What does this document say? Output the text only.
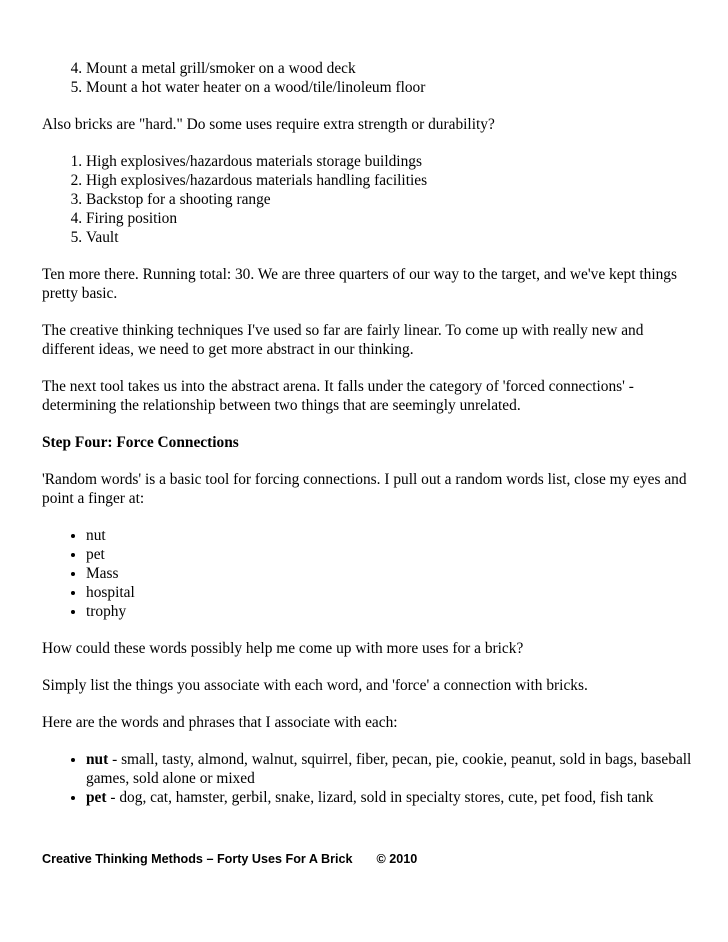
4. Mount a metal grill/smoker on a wood deck
5. Mount a hot water heater on a wood/tile/linoleum floor

Also bricks are "hard." Do some uses require extra strength or durability?

1. High explosives/hazardous materials storage buildings
2. High explosives/hazardous materials handling facilities
3. Backstop for a shooting range
4. Firing position
5. Vault

Ten more there. Running total: 30. We are three quarters of our way to the target, and we've kept things pretty basic.

The creative thinking techniques I've used so far are fairly linear. To come up with really new and different ideas, we need to get more abstract in our thinking.

The next tool takes us into the abstract arena. It falls under the category of 'forced connections' - determining the relationship between two things that are seemingly unrelated.

Step Four: Force Connections

'Random words' is a basic tool for forcing connections. I pull out a random words list, close my eyes and point a finger at:

• nut
• pet
• Mass
• hospital
• trophy

How could these words possibly help me come up with more uses for a brick?

Simply list the things you associate with each word, and 'force' a connection with bricks.

Here are the words and phrases that I associate with each:

• nut - small, tasty, almond, walnut, squirrel, fiber, pecan, pie, cookie, peanut, sold in bags, baseball games, sold alone or mixed
• pet - dog, cat, hamster, gerbil, snake, lizard, sold in specialty stores, cute, pet food, fish tank
Creative Thinking Methods – Forty Uses For A Brick © 2010
